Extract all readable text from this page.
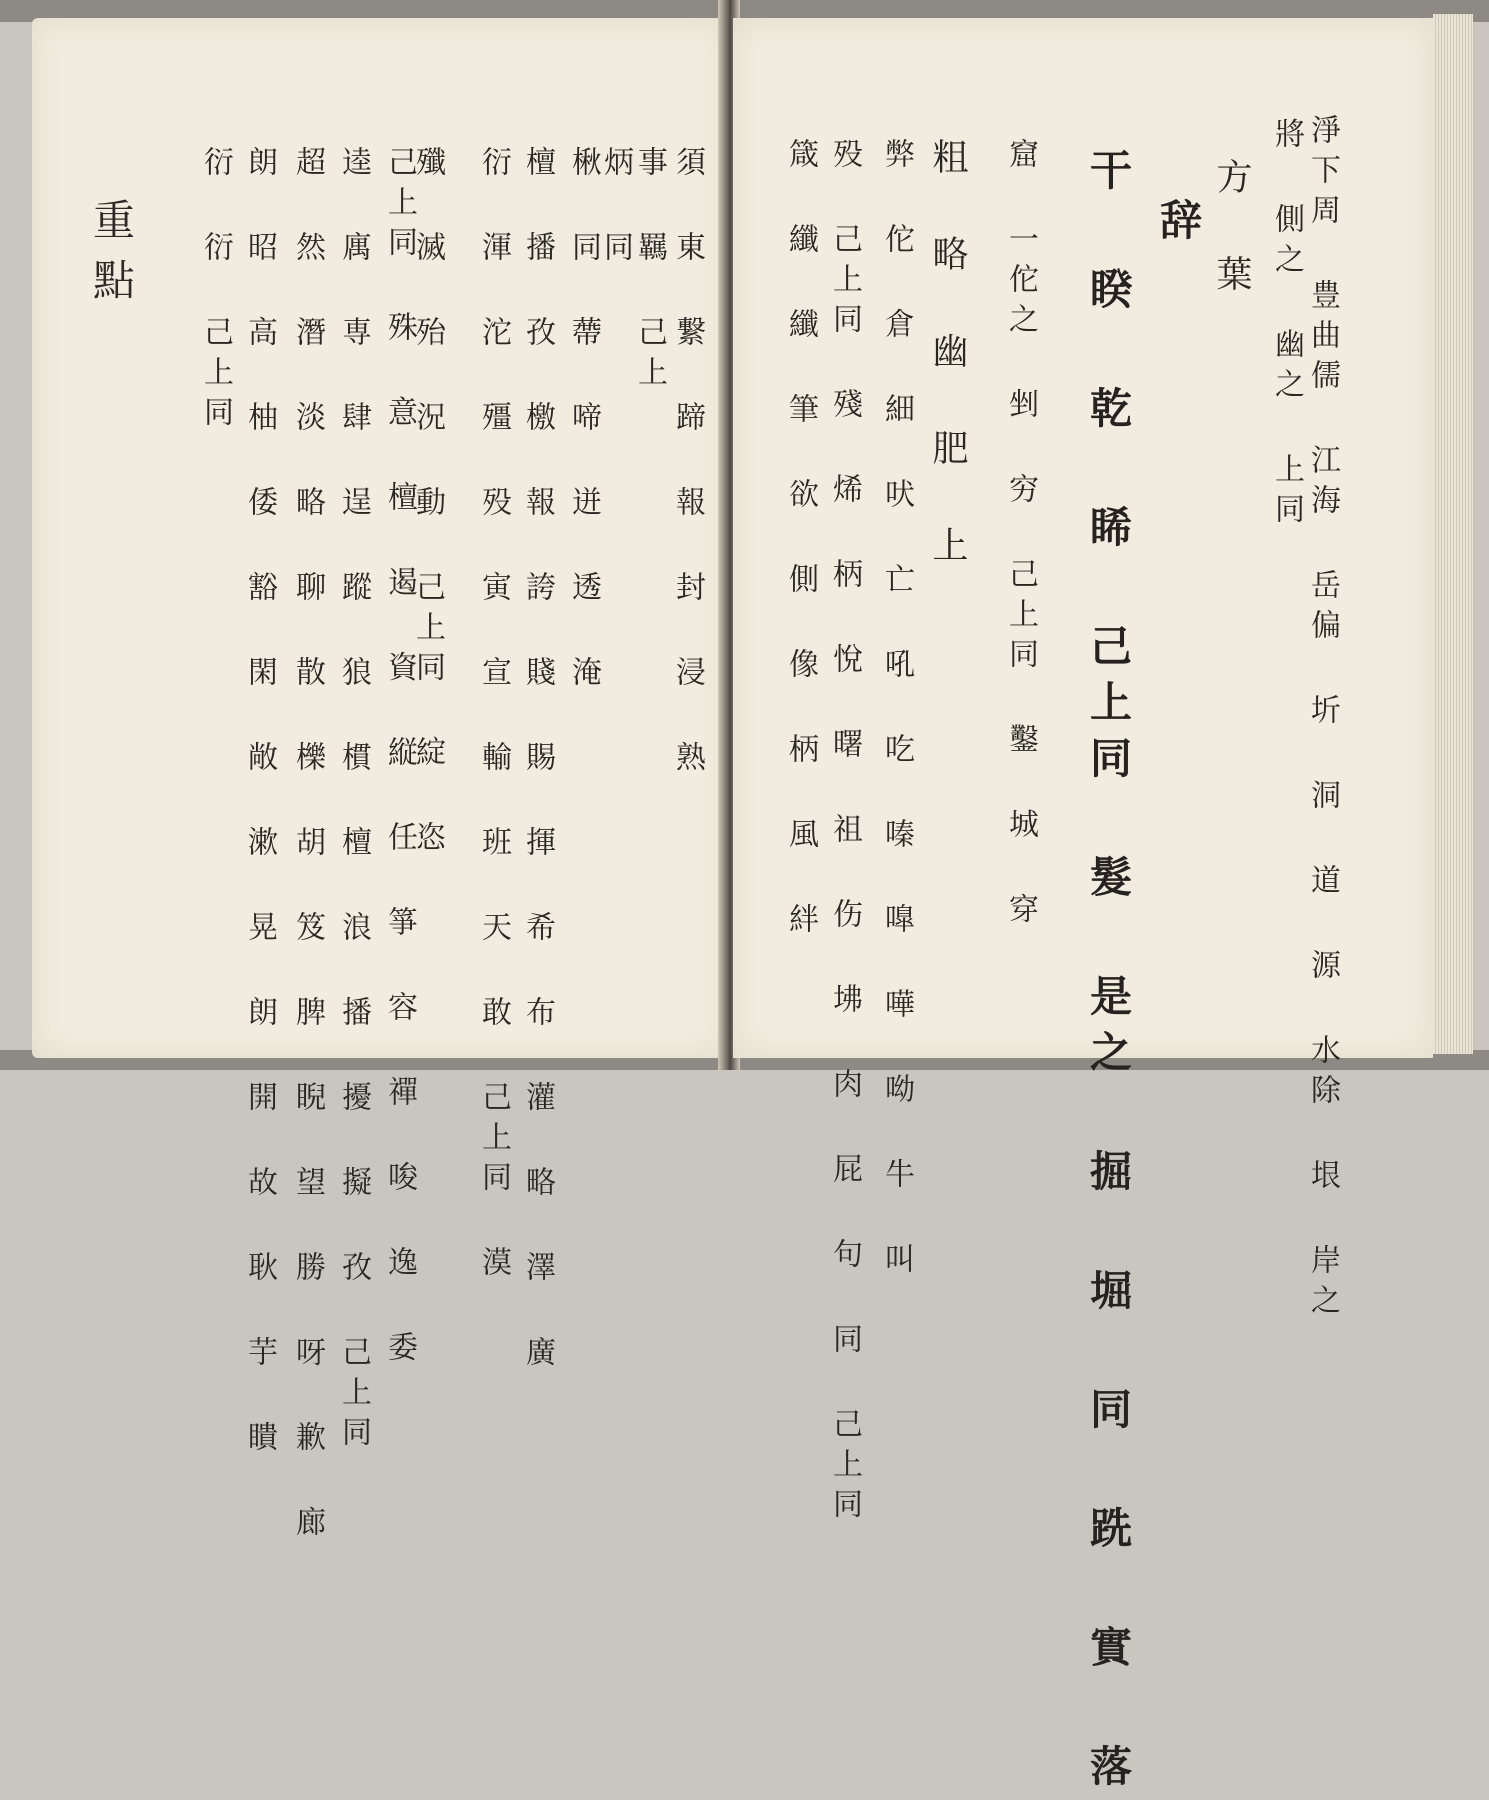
重點 衍 衍 己上同 朗 昭 高 柚 倭 豁 閑 敞 漱 晃 朗 開 故 耿 芋 瞶 超 然 潛 淡 略 聊 散 櫟 胡 笈 脾 睨 望 勝 呀 歉 廊 逵 庽 専 肆 逞 蹤 狼 樌 檀 浪 播 擾 擬 孜 己上同 己上同 殊 意 檀 遏 資 縦 任 箏 容 禪 唆 逸 委
殲 滅 殆 況 動 己上同 綻 恣 衍 渾 沱 殭 殁 寅 宣 輸 班 天 敢 己上同 漠 檀 播 孜 檄 報 誇 賤 賜 揮 希 布 灌 略 澤 廣 楸 同 蔕 啼 迸 透 淹
炳 同 事 羈 己上 須 東 繋 蹄 報 封 浸 熟	箴 纖 纖 筆 欲 側 像 柄 風 絆 殁 己上同 殘 烯 柄 悅 曙 祖 伤 坲 肉 屁 句 同 己上同 弊 佗 倉 細 吠 亡 吼 吃 嗪 嘷 嘩 呦 牛 叫 粗 略 幽 肥 上 窟 一佗之 剉 穷 己上同 鑿 城 穿 干 睽 乾 睎 己上同 髮 是之 掘 堀 同 跣 實 落 辞 方 葉 將 側之 幽之 上同 淨下周 豊曲儒 江海 岳偏 圻 洞 道 源 水除 垠 岸之
